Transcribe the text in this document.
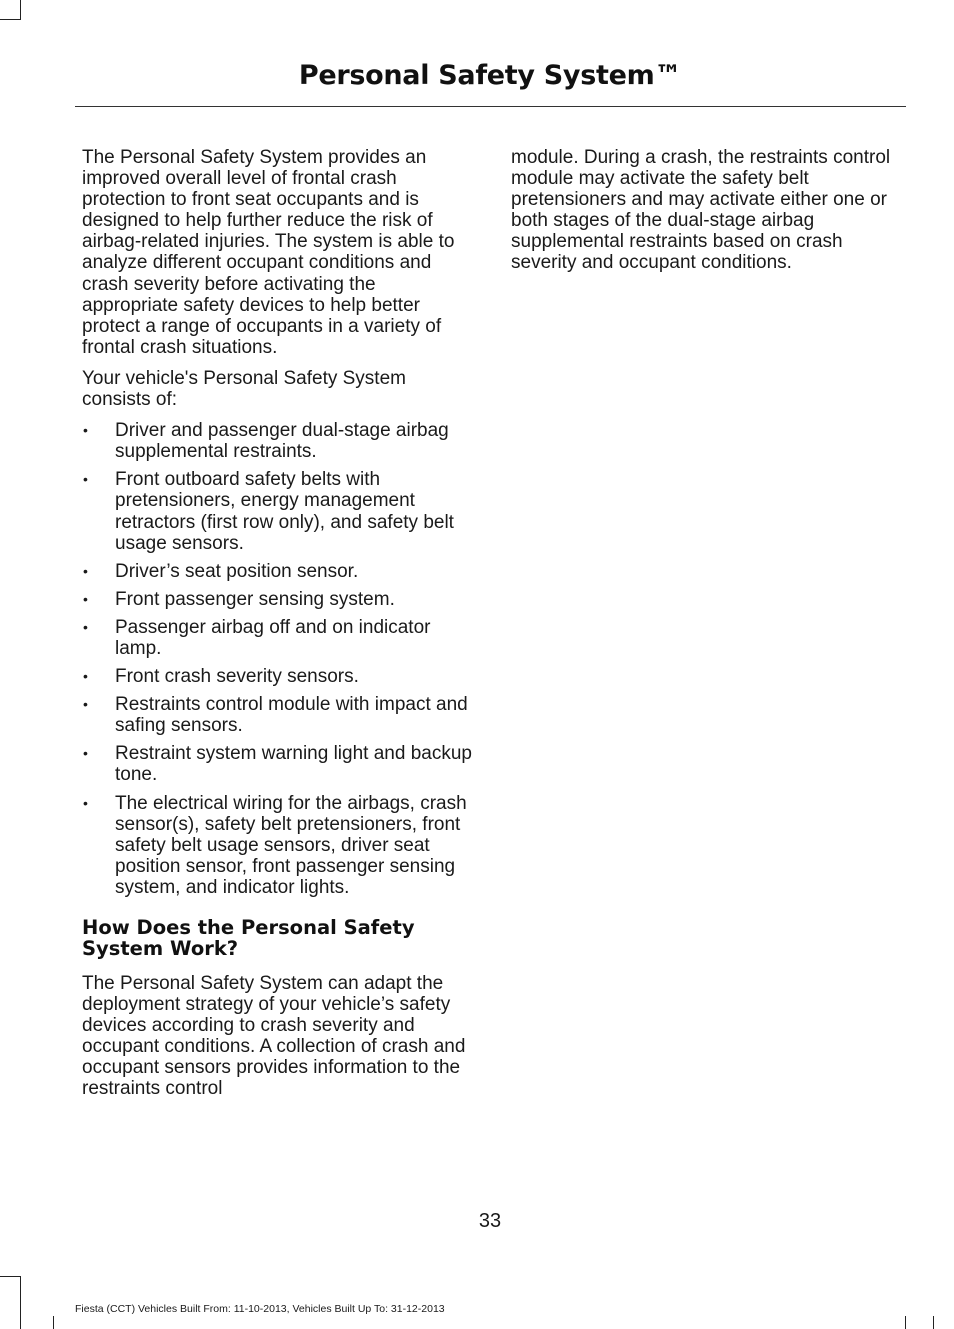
Personal Safety System™

The Personal Safety System provides an improved overall level of frontal crash protection to front seat occupants and is designed to help further reduce the risk of airbag-related injuries. The system is able to analyze different occupant conditions and crash severity before activating the appropriate safety devices to help better protect a range of occupants in a variety of frontal crash situations.

Your vehicle's Personal Safety System consists of:

• Driver and passenger dual-stage airbag supplemental restraints.
• Front outboard safety belts with pretensioners, energy management retractors (first row only), and safety belt usage sensors.
• Driver’s seat position sensor.
• Front passenger sensing system.
• Passenger airbag off and on indicator lamp.
• Front crash severity sensors.
• Restraints control module with impact and safing sensors.
• Restraint system warning light and backup tone.
• The electrical wiring for the airbags, crash sensor(s), safety belt pretensioners, front safety belt usage sensors, driver seat position sensor, front passenger sensing system, and indicator lights.
How Does the Personal Safety System Work?

The Personal Safety System can adapt the deployment strategy of your vehicle’s safety devices according to crash severity and occupant conditions. A collection of crash and occupant sensors provides information to the restraints control

module. During a crash, the restraints control module may activate the safety belt pretensioners and may activate either one or both stages of the dual-stage airbag supplemental restraints based on crash severity and occupant conditions.

33
Fiesta (CCT) Vehicles Built From: 11-10-2013, Vehicles Built Up To: 31-12-2013
